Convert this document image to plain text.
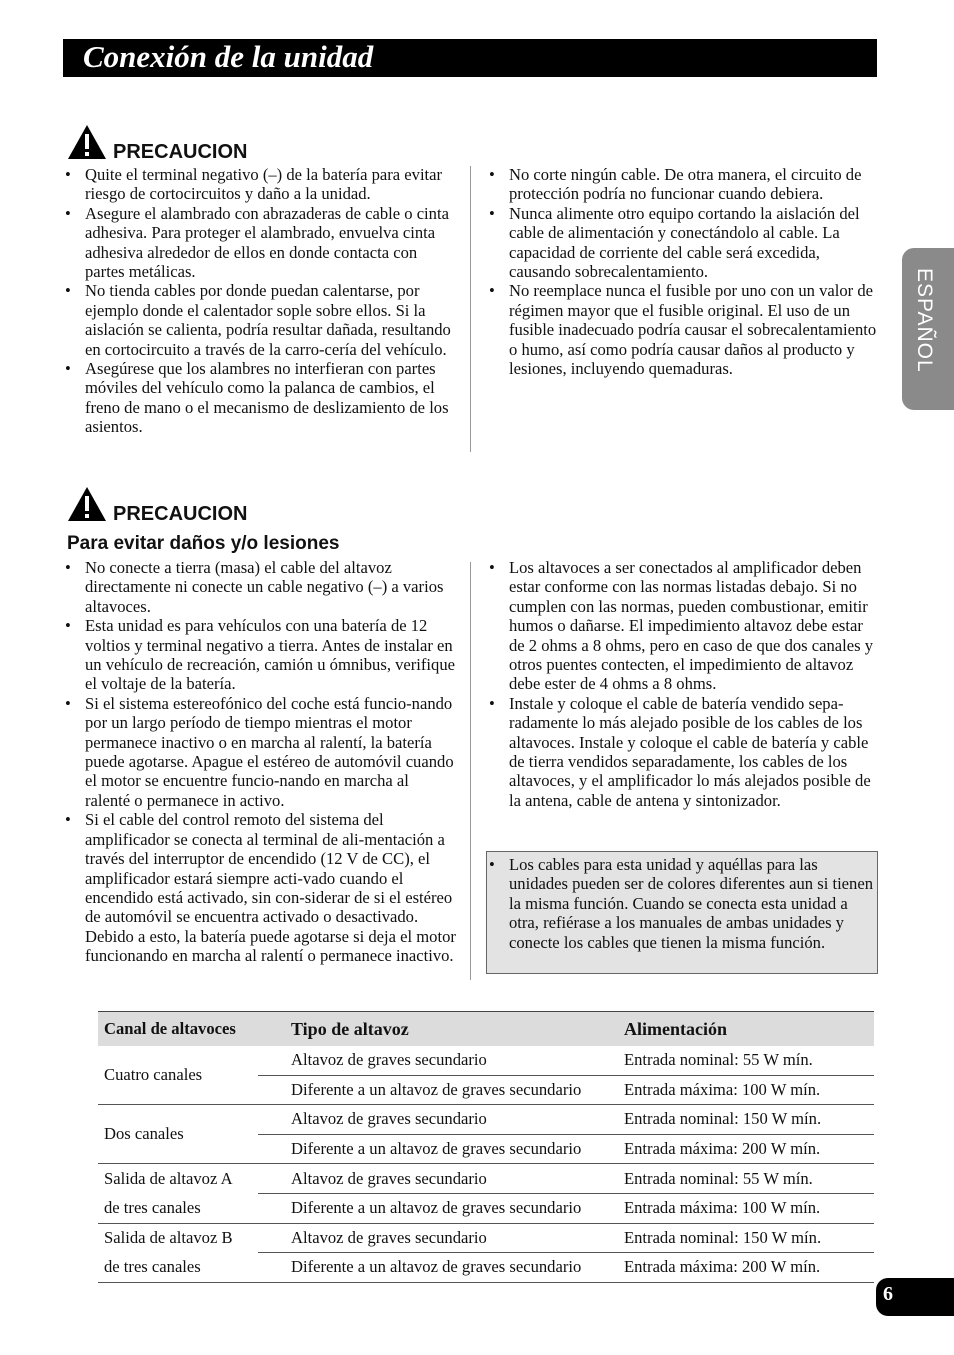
Conexión de la unidad
ESPAÑOL
PRECAUCION
• Quite el terminal negativo (–) de la batería para evitar riesgo de cortocircuitos y daño a la unidad.
• Asegure el alambrado con abrazaderas de cable o cinta adhesiva. Para proteger el alambrado, envuelva cinta adhesiva alrededor de ellos en donde contacta con partes metálicas.
• No tienda cables por donde puedan calentarse, por ejemplo donde el calentador sople sobre ellos. Si la aislación se calienta, podría resultar dañada, resultando en cortocircuito a través de la carro-cería del vehículo.
• Asegúrese que los alambres no interfieran con partes móviles del vehículo como la palanca de cambios, el freno de mano o el mecanismo de deslizamiento de los asientos.
• No corte ningún cable. De otra manera, el circuito de protección podría no funcionar cuando debiera.
• Nunca alimente otro equipo cortando la aislación del cable de alimentación y conectándolo al cable. La capacidad de corriente del cable será excedida, causando sobrecalentamiento.
• No reemplace nunca el fusible por uno con un valor de régimen mayor que el fusible original. El uso de un fusible inadecuado podría causar el sobrecalentamiento o humo, así como podría causar daños al producto y lesiones, incluyendo quemaduras.
PRECAUCION
Para evitar daños y/o lesiones
• No conecte a tierra (masa) el cable del altavoz directamente ni conecte un cable negativo (–) a varios altavoces.
• Esta unidad es para vehículos con una batería de 12 voltios y terminal negativo a tierra. Antes de instalar en un vehículo de recreación, camión u ómnibus, verifique el voltaje de la batería.
• Si el sistema estereofónico del coche está funcio-nando por un largo período de tiempo mientras el motor permanece inactivo o en marcha al ralentí, la batería puede agotarse. Apague el estéreo de automóvil cuando el motor se encuentre funcio-nando en marcha al ralenté o permanece in activo.
• Si el cable del control remoto del sistema del amplificador se conecta al terminal de ali-mentación a través del interruptor de encendido (12 V de CC), el amplificador estará siempre acti-vado cuando el encendido está activado, sin con-siderar de si el estéreo de automóvil se encuentra activado o desactivado. Debido a esto, la batería puede agotarse si deja el motor funcionando en marcha al ralentí o permanece inactivo.
• Los altavoces a ser conectados al amplificador deben estar conforme con las normas listadas debajo. Si no cumplen con las normas, pueden combustionar, emitir humos o dañarse. El impedimiento altavoz debe estar de 2 ohms a 8 ohms, pero en caso de que dos canales y otros puentes contecten, el impedimiento de altavoz debe ester de 4 ohms a 8 ohms.
• Instale y coloque el cable de batería vendido sepa-radamente lo más alejado posible de los cables de los altavoces. Instale y coloque el cable de batería y cable de tierra vendidos separadamente, los cables de los altavoces, y el amplificador lo más alejados posible de la antena, cable de antena y sintonizador.
• Los cables para esta unidad y aquéllas para las unidades pueden ser de colores diferentes aun si tienen la misma función. Cuando se conecta esta unidad a otra, refiérase a los manuales de ambas unidades y conecte los cables que tienen la misma función.
Canal de altavoces	Tipo de altavoz	Alimentación
Cuatro canales	Altavoz de graves secundario	Entrada nominal: 55 W mín.
	Diferente a un altavoz de graves secundario	Entrada máxima: 100 W mín.
Dos canales	Altavoz de graves secundario	Entrada nominal: 150 W mín.
	Diferente a un altavoz de graves secundario	Entrada máxima: 200 W mín.
Salida de altavoz A	Altavoz de graves secundario	Entrada nominal: 55 W mín.
de tres canales	Diferente a un altavoz de graves secundario	Entrada máxima: 100 W mín.
Salida de altavoz B	Altavoz de graves secundario	Entrada nominal: 150 W mín.
de tres canales	Diferente a un altavoz de graves secundario	Entrada máxima: 200 W mín.
6
